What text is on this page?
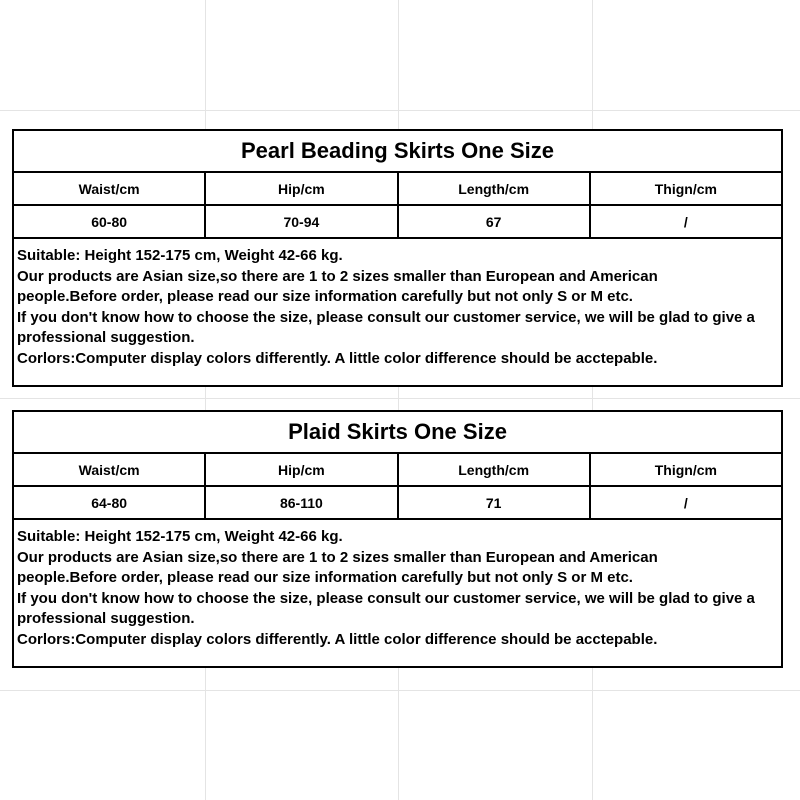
Pearl Beading Skirts One Size
Waist/cm	Hip/cm	Length/cm	Thign/cm
60-80	70-94	67	/
Suitable: Height 152-175 cm, Weight 42-66 kg.
Our products are Asian size,so there are 1 to 2 sizes smaller than European and American
people.Before order, please read our size information carefully but not only S or M etc.
If you don't know how to choose the size, please consult our customer service, we will be glad to give a
professional suggestion.
Corlors:Computer display colors differently. A little color difference should be acctepable.
Plaid Skirts One Size
Waist/cm	Hip/cm	Length/cm	Thign/cm
64-80	86-110	71	/
Suitable: Height 152-175 cm, Weight 42-66 kg.
Our products are Asian size,so there are 1 to 2 sizes smaller than European and American
people.Before order, please read our size information carefully but not only S or M etc.
If you don't know how to choose the size, please consult our customer service, we will be glad to give a
professional suggestion.
Corlors:Computer display colors differently. A little color difference should be acctepable.
